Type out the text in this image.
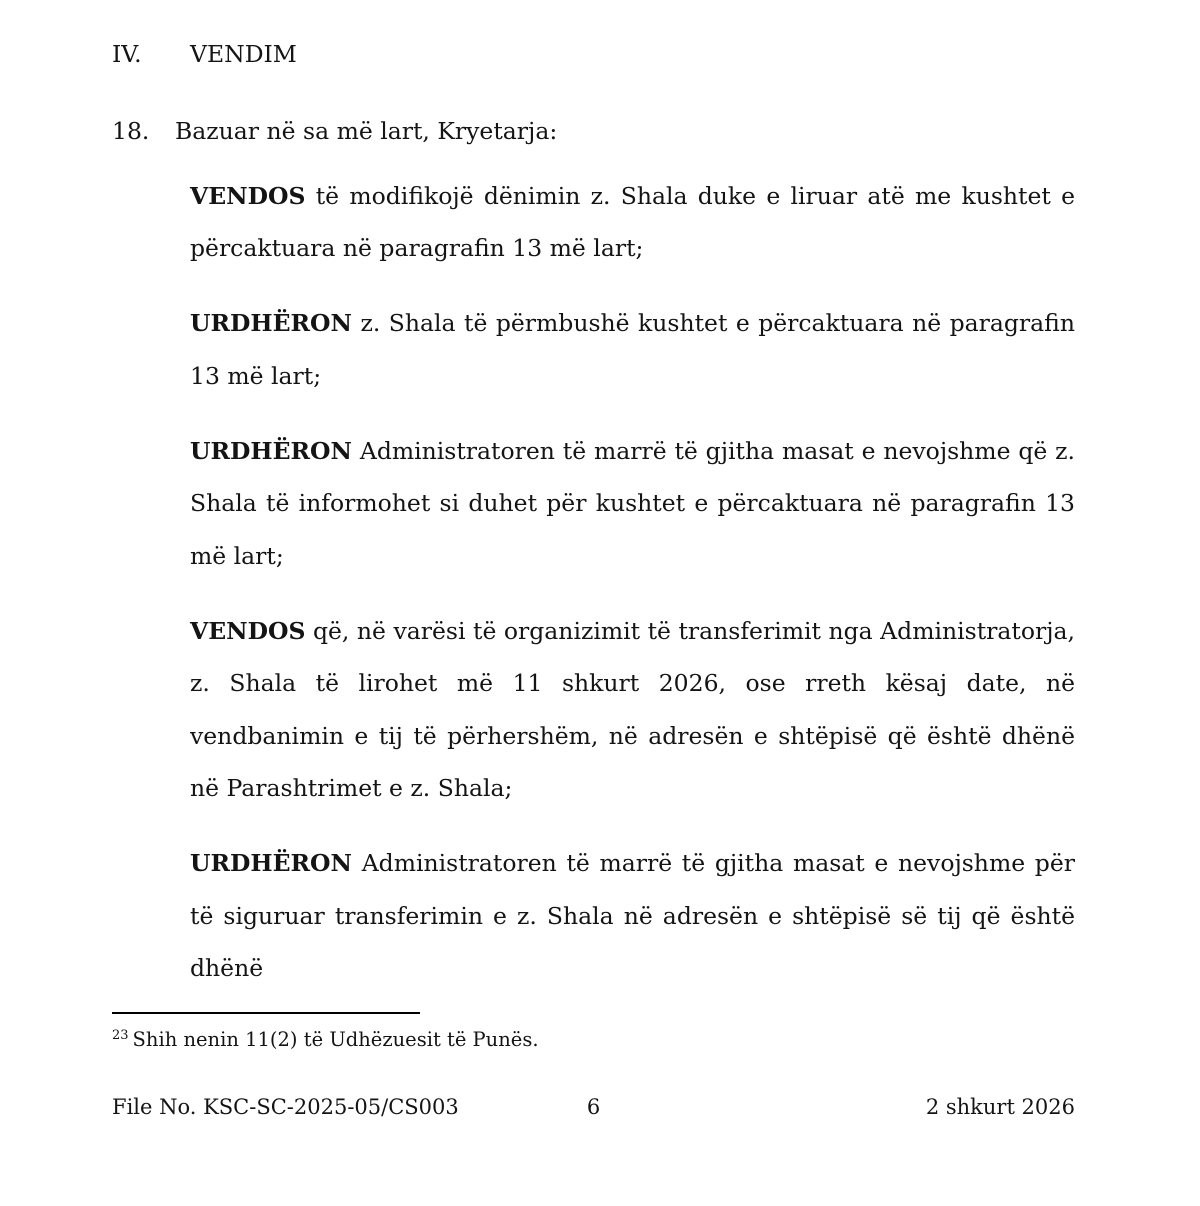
IV.	VENDIM
18.	Bazuar në sa më lart, Kryetarja:

VENDOS të modifikojë dënimin z. Shala duke e liruar atë me kushtet e përcaktuara në paragrafin 13 më lart;

URDHËRON z. Shala të përmbushë kushtet e përcaktuara në paragrafin 13 më lart;

URDHËRON Administratoren të marrë të gjitha masat e nevojshme që z. Shala të informohet si duhet për kushtet e përcaktuara në paragrafin 13 më lart;

VENDOS që, në varësi të organizimit të transferimit nga Administratorja, z. Shala të lirohet më 11 shkurt 2026, ose rreth kësaj date, në vendbanimin e tij të përhershëm, në adresën e shtëpisë që është dhënë në Parashtrimet e z. Shala;

URDHËRON Administratoren të marrë të gjitha masat e nevojshme për të siguruar transferimin e z. Shala në adresën e shtëpisë së tij që është dhënë

$^{23}$ Shih nenin 11(2) të Udhëzuesit të Punës.
File No. KSC-SC-2025-05/CS003	6	2 shkurt 2026
